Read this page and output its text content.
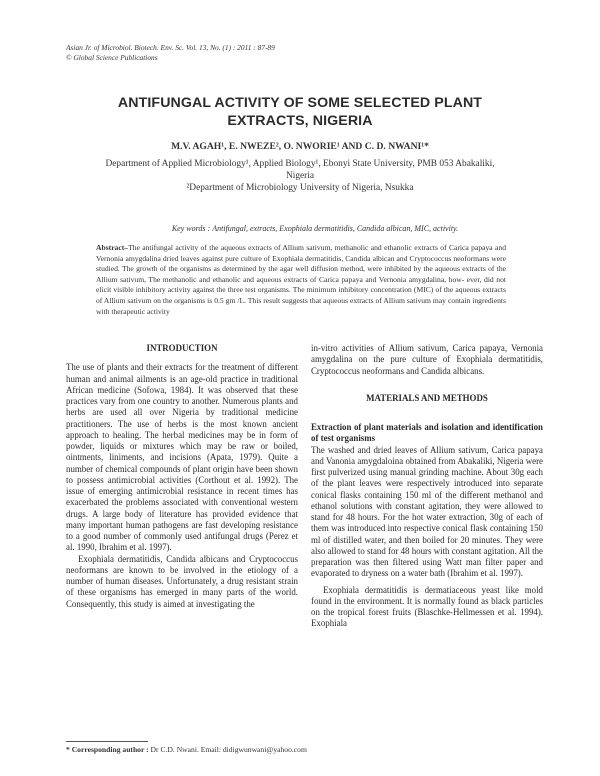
Asian Jr. of Microbiol. Biotech. Env. Sc. Vol. 13, No. (1) : 2011 : 87-89
© Global Science Publications
ANTIFUNGAL ACTIVITY OF SOME SELECTED PLANT
EXTRACTS, NIGERIA
M.V. AGAH¹, E. NWEZE², O. NWORIE¹ AND C. D. NWANI¹*
Department of Applied Microbiology¹, Applied Biology¹, Ebonyi State University, PMB 053 Abakaliki,
Nigeria
²Department of Microbiology University of Nigeria, Nsukka
Key words : Antifungal, extracts, Exophiala dermatitidis, Candida albican, MIC, activity.
Abstract–The antifungal activity of the aqueous extracts of Allium sativum, methanolic and ethanolic extracts of Carica papaya and Vernonia amygdalina dried leaves against pure culture of Exophiala dermatitidis, Candida albican and Cryptococcus neoformans were studied. The growth of the organisms as determined by the agar well diffusion method, were inhibited by the aqueous extracts of the Allium sativum, The methanolic and ethanolic and aqueous extracts of Carica papaya and Vernonia amygdalina, how- ever, did not elicit visible inhibitory activity against the three test organisms. The minimum inhibitory concentration (MIC) of the aqueous extracts of Allium sativum on the organisms is 0.5 gm /L. This result suggests that aqueous extracts of Allium sativum may contain ingredients with therapeutic activity
INTRODUCTION

The use of plants and their extracts for the treatment of different human and animal ailments is an age-old practice in traditional African medicine (Sofowa, 1984). It was observed that these practices vary from one country to another. Numerous plants and herbs are used all over Nigeria by traditional medicine practitioners. The use of herbs is the most known ancient approach to healing. The herbal medicines may be in form of powder, liquids or mixtures which may be raw or boiled, ointments, liniments, and incisions (Apata, 1979). Quite a number of chemical compounds of plant origin have been shown to possess antimicrobial activities (Corthout et al. 1992). The issue of emerging antimicrobial resistance in recent times has exacerbated the problems associated with conventional western drugs. A large body of literature has provided evidence that many important human pathogens are fast developing resistance to a good number of commonly used antifungal drugs (Perez et al. 1990, Ibrahim et al. 1997).

Exophiala dermatitidis, Candida albicans and Cryptococcus neoformans are known to be involved in the etiology of a number of human diseases. Unfortunately, a drug resistant strain of these organisms has emerged in many parts of the world. Consequently, this study is aimed at investigating the

in-vitro activities of Allium sativum, Carica papaya, Vernonia amygdalina on the pure culture of Exophiala dermatitidis, Cryptococcus neoformans and Candida albicans.

MATERIALS AND METHODS
Extraction of plant materials and isolation and identification of test organisms

The washed and dried leaves of Allium sativum, Carica papaya and Vanonia amygdaloina obtained from Abakaliki, Nigeria were first pulverized using manual grinding machine. About 30g each of the plant leaves were respectively introduced into separate conical flasks containing 150 ml of the different methanol and ethanol solutions with constant agitation, they were allowed to stand for 48 hours. For the hot water extraction, 30g of each of them was introduced into respective conical flask containing 150 ml of distilled water, and then boiled for 20 minutes. They were also allowed to stand for 48 hours with constant agitation. All the preparation was then filtered using Watt man filter paper and evaporated to dryness on a water bath (Ibrahim et al. 1997).

Exophiala dermatitidis is dermatiaceous yeast like mold found in the environment. It is normally found as black particles on the tropical forest fruits (Blaschke-Hellmessen et al. 1994). Exophiala

* Corresponding author : Dr C.D. Nwani. Email: didigwunwani@yahoo.com
